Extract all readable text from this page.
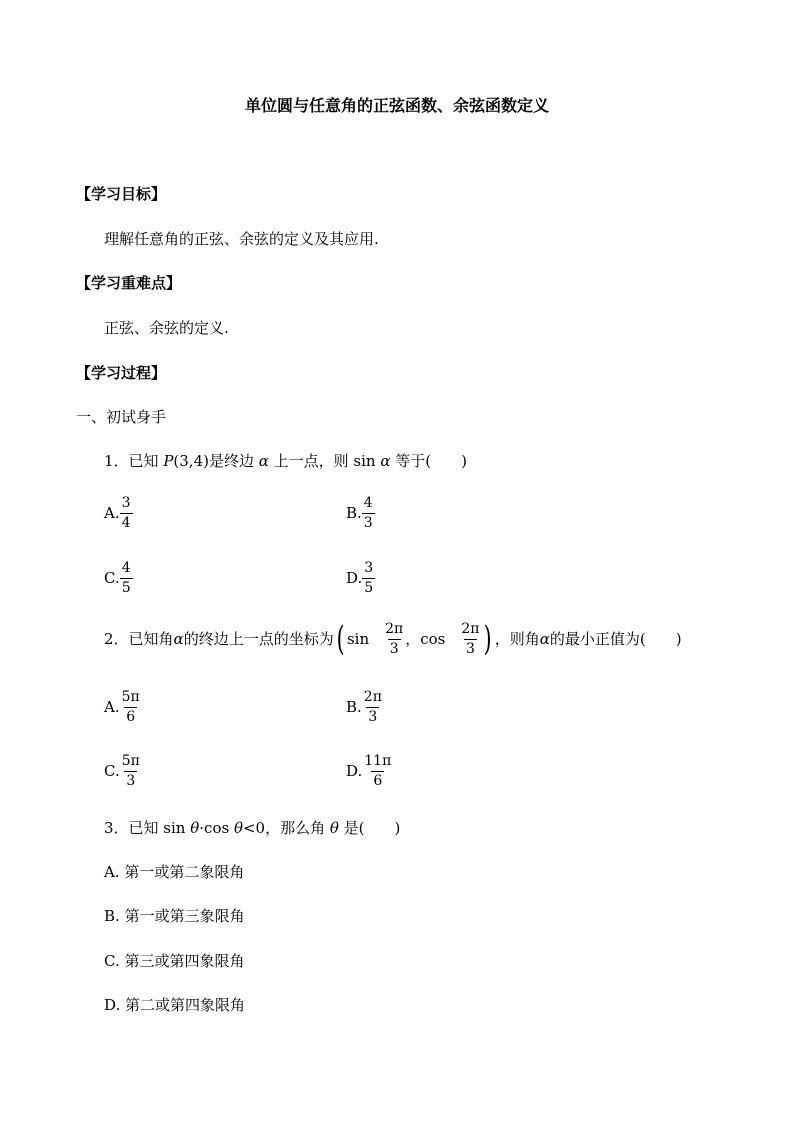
单位圆与任意角的正弦函数、余弦函数定义
【学习目标】
理解任意角的正弦、余弦的定义及其应用.
【学习重难点】
正弦、余弦的定义.
【学习过程】
一、初试身手
1．已知 P(3,4)是终边 α 上一点，则 sin α 等于(　　)
A. $\frac{3}{4}$	B. $\frac{4}{3}$
C. $\frac{4}{5}$	D. $\frac{3}{5}$
2．已知角 α 的终边上一点的坐标为 ( $\sin \frac{2\pi}{3}$ ，$\cos \frac{2\pi}{3}$ ) ，则角 α 的最小正值为(　　)
A. $\frac{5\pi}{6}$	B. $\frac{2\pi}{3}$
C. $\frac{5\pi}{3}$	D. $\frac{11\pi}{6}$
3．已知 sin θ·cos θ<0，那么角 θ 是(　　)
A. 第一或第二象限角
B. 第一或第三象限角
C. 第三或第四象限角
D. 第二或第四象限角
